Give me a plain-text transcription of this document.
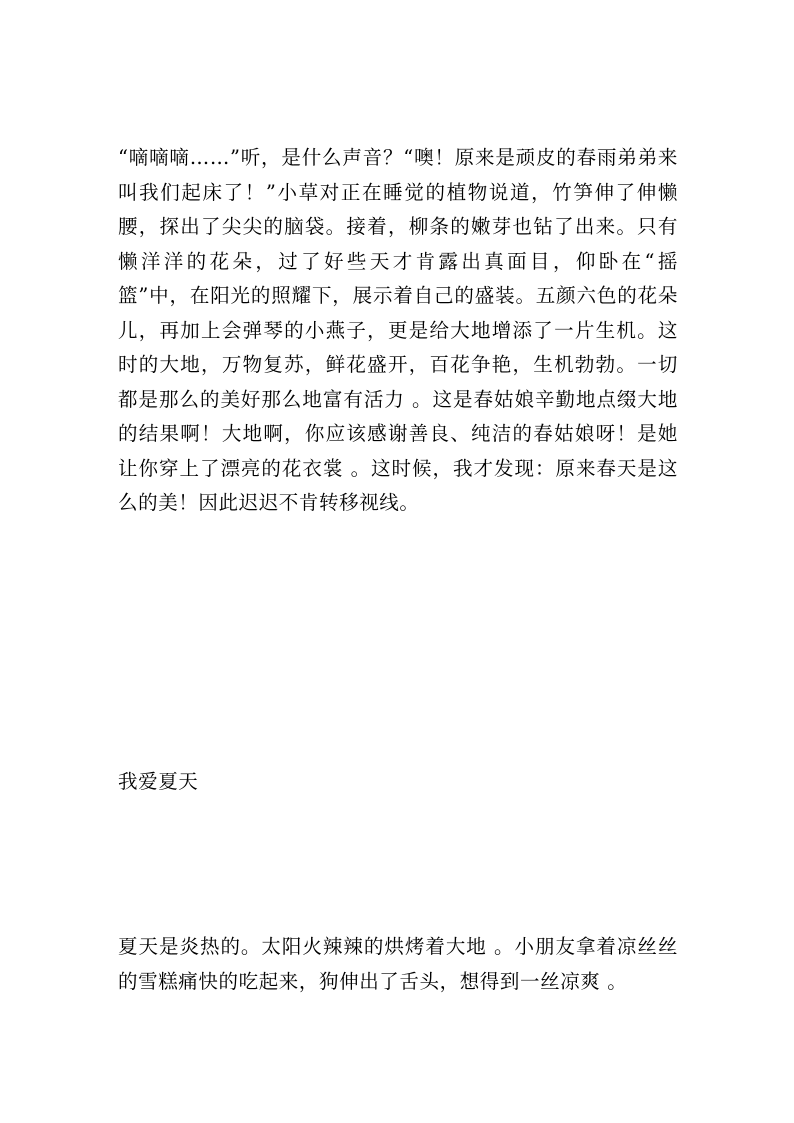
“嘀嘀嘀……”听，是什么声音？“噢！原来是顽皮的春雨弟弟来叫我们起床了！”小草对正在睡觉的植物说道，竹笋伸了伸懒腰，探出了尖尖的脑袋。接着，柳条的嫩芽也钻了出来。只有懒洋洋的花朵，过了好些天才肯露出真面目，仰卧在“摇篮”中，在阳光的照耀下，展示着自己的盛装。五颜六色的花朵儿，再加上会弹琴的小燕子，更是给大地增添了一片生机。这时的大地，万物复苏，鲜花盛开，百花争艳，生机勃勃。一切都是那么的美好那么地富有活力 。这是春姑娘辛勤地点缀大地的结果啊！大地啊，你应该感谢善良、纯洁的春姑娘呀！是她让你穿上了漂亮的花衣裳 。这时候，我才发现：原来春天是这么的美！因此迟迟不肯转移视线。

我爱夏天

夏天是炎热的。太阳火辣辣的烘烤着大地 。小朋友拿着凉丝丝的雪糕痛快的吃起来，狗伸出了舌头，想得到一丝凉爽 。
